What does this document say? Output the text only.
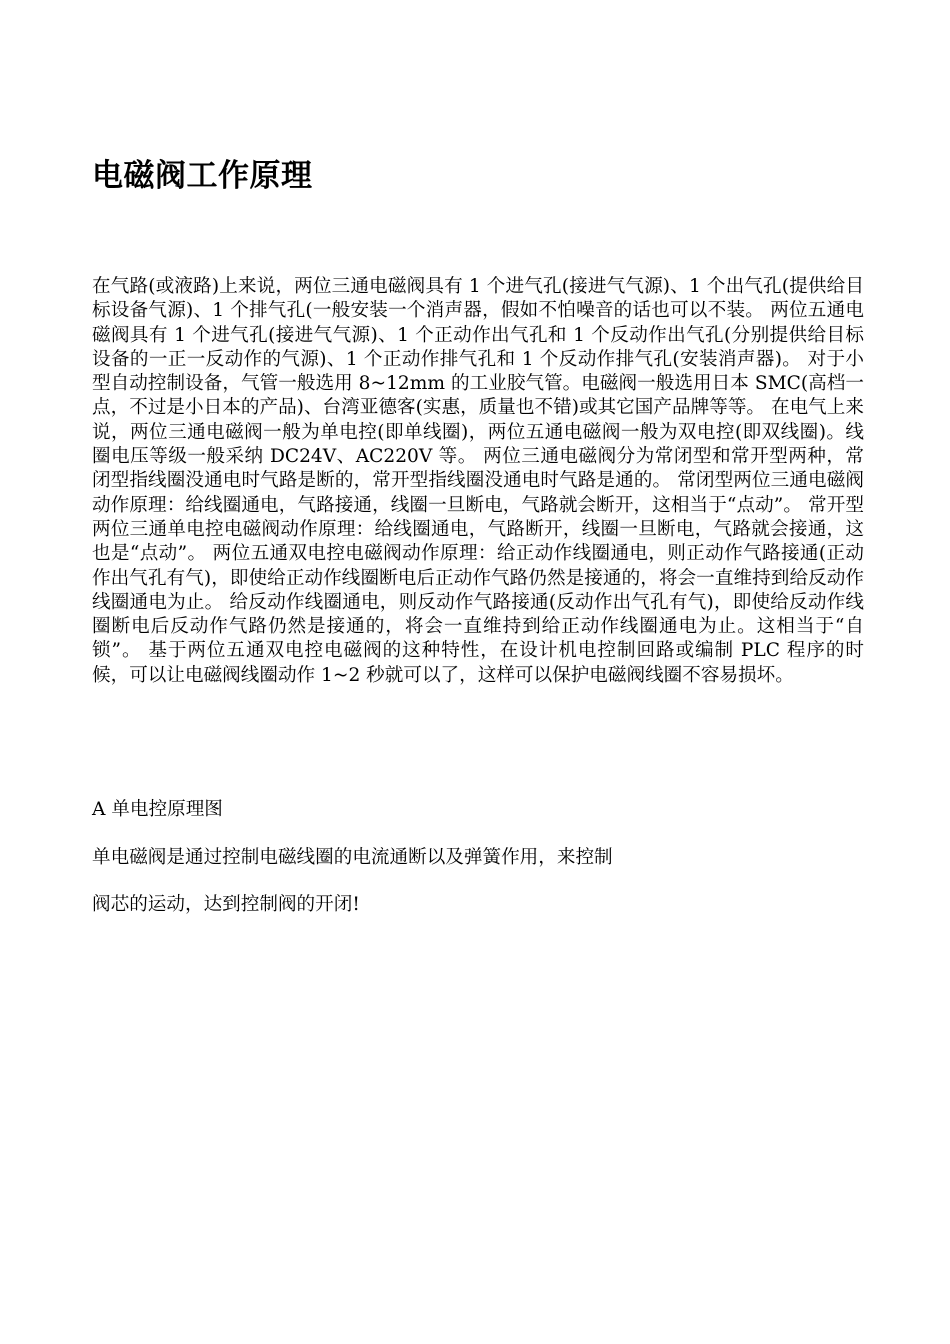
电磁阀工作原理

在气路(或液路)上来说，两位三通电磁阀具有 1 个进气孔(接进气气源)、1 个出气孔(提供给目标设备气源)、1 个排气孔(一般安装一个消声器，假如不怕噪音的话也可以不装。 两位五通电磁阀具有 1 个进气孔(接进气气源)、1 个正动作出气孔和 1 个反动作出气孔(分别提供给目标设备的一正一反动作的气源)、1 个正动作排气孔和 1 个反动作排气孔(安装消声器)。 对于小型自动控制设备，气管一般选用 8~12mm 的工业胶气管。电磁阀一般选用日本 SMC(高档一点，不过是小日本的产品)、台湾亚德客(实惠，质量也不错)或其它国产品牌等等。 在电气上来说，两位三通电磁阀一般为单电控(即单线圈)，两位五通电磁阀一般为双电控(即双线圈)。线圈电压等级一般采纳 DC24V、AC220V 等。 两位三通电磁阀分为常闭型和常开型两种，常闭型指线圈没通电时气路是断的，常开型指线圈没通电时气路是通的。 常闭型两位三通电磁阀动作原理：给线圈通电，气路接通，线圈一旦断电，气路就会断开，这相当于“点动”。 常开型两位三通单电控电磁阀动作原理：给线圈通电，气路断开，线圈一旦断电，气路就会接通，这也是“点动”。 两位五通双电控电磁阀动作原理：给正动作线圈通电，则正动作气路接通(正动作出气孔有气)，即使给正动作线圈断电后正动作气路仍然是接通的，将会一直维持到给反动作线圈通电为止。 给反动作线圈通电，则反动作气路接通(反动作出气孔有气)，即使给反动作线圈断电后反动作气路仍然是接通的，将会一直维持到给正动作线圈通电为止。这相当于“自锁”。 基于两位五通双电控电磁阀的这种特性，在设计机电控制回路或编制 PLC 程序的时候，可以让电磁阀线圈动作 1~2 秒就可以了，这样可以保护电磁阀线圈不容易损坏。

A 单电控原理图

单电磁阀是通过控制电磁线圈的电流通断以及弹簧作用，来控制

阀芯的运动，达到控制阀的开闭!
